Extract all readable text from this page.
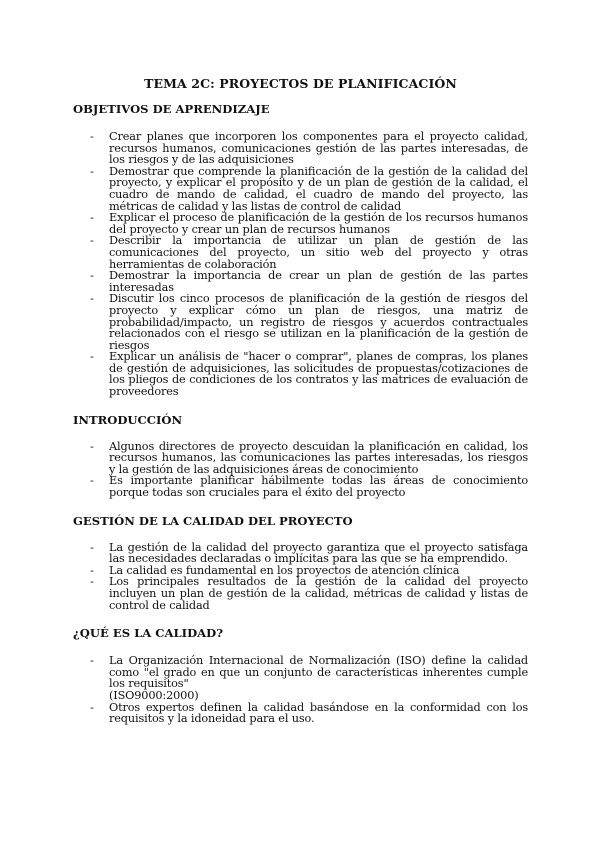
TEMA 2C: PROYECTOS DE PLANIFICACIÓN
OBJETIVOS DE APRENDIZAJE
- Crear planes que incorporen los componentes para el proyecto calidad, recursos humanos, comunicaciones gestión de las partes interesadas, de los riesgos y de las adquisiciones
- Demostrar que comprende la planificación de la gestión de la calidad del proyecto, y explicar el propósito y de un plan de gestión de la calidad, el cuadro de mando de calidad, el cuadro de mando del proyecto, las métricas de calidad y las listas de control de calidad
- Explicar el proceso de planificación de la gestión de los recursos humanos del proyecto y crear un plan de recursos humanos
- Describir la importancia de utilizar un plan de gestión de las comunicaciones del proyecto, un sitio web del proyecto y otras herramientas de colaboración
- Demostrar la importancia de crear un plan de gestión de las partes interesadas
- Discutir los cinco procesos de planificación de la gestión de riesgos del proyecto y explicar cómo un plan de riesgos, una matriz de probabilidad/impacto, un registro de riesgos y acuerdos contractuales relacionados con el riesgo se utilizan en la planificación de la gestión de riesgos
- Explicar un análisis de "hacer o comprar", planes de compras, los planes de gestión de adquisiciones, las solicitudes de propuestas/cotizaciones de los pliegos de condiciones de los contratos y las matrices de evaluación de proveedores
INTRODUCCIÓN
- Algunos directores de proyecto descuidan la planificación en calidad, los recursos humanos, las comunicaciones las partes interesadas, los riesgos y la gestión de las adquisiciones áreas de conocimiento
- Es importante planificar hábilmente todas las áreas de conocimiento porque todas son cruciales para el éxito del proyecto
GESTIÓN DE LA CALIDAD DEL PROYECTO
- La gestión de la calidad del proyecto garantiza que el proyecto satisfaga las necesidades declaradas o implícitas para las que se ha emprendido.
- La calidad es fundamental en los proyectos de atención clínica
- Los principales resultados de la gestión de la calidad del proyecto incluyen un plan de gestión de la calidad, métricas de calidad y listas de control de calidad
¿QUÉ ES LA CALIDAD?
- La Organización Internacional de Normalización (ISO) define la calidad como "el grado en que un conjunto de características inherentes cumple los requisitos"
(ISO9000:2000)
- Otros expertos definen la calidad basándose en la conformidad con los requisitos y la idoneidad para el uso.
